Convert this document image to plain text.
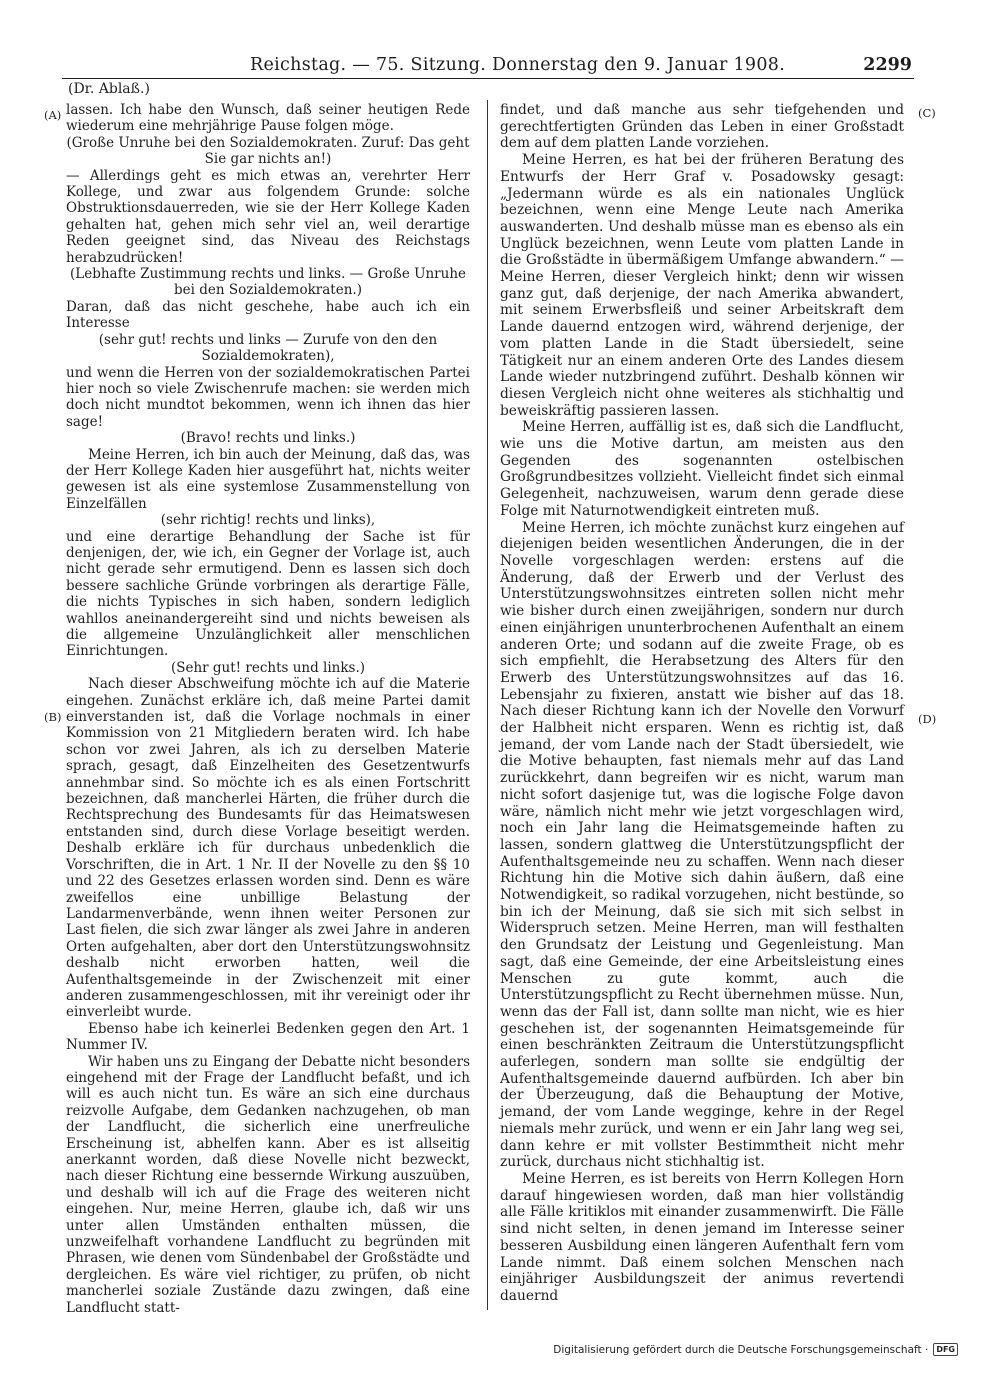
Reichstag. — 75. Sitzung. Donnerstag den 9. Januar 1908.	2299
(Dr. Ablaß.)
(A)
(B)
(C)
(D)

lassen. Ich habe den Wunsch, daß seiner heutigen Rede wiederum eine mehrjährige Pause folgen möge.

(Große Unruhe bei den Sozialdemokraten. Zuruf: Das geht Sie gar nichts an!)

— Allerdings geht es mich etwas an, verehrter Herr Kollege, und zwar aus folgendem Grunde: solche Obstruktionsdauerreden, wie sie der Herr Kollege Kaden gehalten hat, gehen mich sehr viel an, weil derartige Reden geeignet sind, das Niveau des Reichstags herabzudrücken!

(Lebhafte Zustimmung rechts und links. — Große Unruhe bei den Sozialdemokraten.)

Daran, daß das nicht geschehe, habe auch ich ein Interesse

(sehr gut! rechts und links — Zurufe von den den Sozialdemokraten),

und wenn die Herren von der sozialdemokratischen Partei hier noch so viele Zwischenrufe machen: sie werden mich doch nicht mundtot bekommen, wenn ich ihnen das hier sage!

(Bravo! rechts und links.)

Meine Herren, ich bin auch der Meinung, daß das, was der Herr Kollege Kaden hier ausgeführt hat, nichts weiter gewesen ist als eine systemlose Zusammenstellung von Einzelfällen

(sehr richtig! rechts und links),

und eine derartige Behandlung der Sache ist für denjenigen, der, wie ich, ein Gegner der Vorlage ist, auch nicht gerade sehr ermutigend. Denn es lassen sich doch bessere sachliche Gründe vorbringen als derartige Fälle, die nichts Typisches in sich haben, sondern lediglich wahllos aneinandergereiht sind und nichts beweisen als die allgemeine Unzulänglichkeit aller menschlichen Einrichtungen.

(Sehr gut! rechts und links.)

Nach dieser Abschweifung möchte ich auf die Materie eingehen. Zunächst erkläre ich, daß meine Partei damit einverstanden ist, daß die Vorlage nochmals in einer Kommission von 21 Mitgliedern beraten wird. Ich habe schon vor zwei Jahren, als ich zu derselben Materie sprach, gesagt, daß Einzelheiten des Gesetzentwurfs annehmbar sind. So möchte ich es als einen Fortschritt bezeichnen, daß mancherlei Härten, die früher durch die Rechtsprechung des Bundesamts für das Heimatswesen entstanden sind, durch diese Vorlage beseitigt werden. Deshalb erkläre ich für durchaus unbedenklich die Vorschriften, die in Art. 1 Nr. II der Novelle zu den §§ 10 und 22 des Gesetzes erlassen worden sind. Denn es wäre zweifellos eine unbillige Belastung der Landarmenverbände, wenn ihnen weiter Personen zur Last fielen, die sich zwar länger als zwei Jahre in anderen Orten aufgehalten, aber dort den Unterstützungswohnsitz deshalb nicht erworben hatten, weil die Aufenthaltsgemeinde in der Zwischenzeit mit einer anderen zusammengeschlossen, mit ihr vereinigt oder ihr einverleibt wurde.

Ebenso habe ich keinerlei Bedenken gegen den Art. 1 Nummer IV.

Wir haben uns zu Eingang der Debatte nicht besonders eingehend mit der Frage der Landflucht befaßt, und ich will es auch nicht tun. Es wäre an sich eine durchaus reizvolle Aufgabe, dem Gedanken nachzugehen, ob man der Landflucht, die sicherlich eine unerfreuliche Erscheinung ist, abhelfen kann. Aber es ist allseitig anerkannt worden, daß diese Novelle nicht bezweckt, nach dieser Richtung eine bessernde Wirkung auszuüben, und deshalb will ich auf die Frage des weiteren nicht eingehen. Nur, meine Herren, glaube ich, daß wir uns unter allen Umständen enthalten müssen, die unzweifelhaft vorhandene Landflucht zu begründen mit Phrasen, wie denen vom Sündenbabel der Großstädte und dergleichen. Es wäre viel richtiger, zu prüfen, ob nicht mancherlei soziale Zustände dazu zwingen, daß eine Landflucht statt-

findet, und daß manche aus sehr tiefgehenden und gerechtfertigten Gründen das Leben in einer Großstadt dem auf dem platten Lande vorziehen.

Meine Herren, es hat bei der früheren Beratung des Entwurfs der Herr Graf v. Posadowsky gesagt: „Jedermann würde es als ein nationales Unglück bezeichnen, wenn eine Menge Leute nach Amerika auswanderten. Und deshalb müsse man es ebenso als ein Unglück bezeichnen, wenn Leute vom platten Lande in die Großstädte in übermäßigem Umfange abwandern.“ — Meine Herren, dieser Vergleich hinkt; denn wir wissen ganz gut, daß derjenige, der nach Amerika abwandert, mit seinem Erwerbsfleiß und seiner Arbeitskraft dem Lande dauernd entzogen wird, während derjenige, der vom platten Lande in die Stadt übersiedelt, seine Tätigkeit nur an einem anderen Orte des Landes diesem Lande wieder nutzbringend zuführt. Deshalb können wir diesen Vergleich nicht ohne weiteres als stichhaltig und beweiskräftig passieren lassen.

Meine Herren, auffällig ist es, daß sich die Landflucht, wie uns die Motive dartun, am meisten aus den Gegenden des sogenannten ostelbischen Großgrundbesitzes vollzieht. Vielleicht findet sich einmal Gelegenheit, nachzuweisen, warum denn gerade diese Folge mit Naturnotwendigkeit eintreten muß.

Meine Herren, ich möchte zunächst kurz eingehen auf diejenigen beiden wesentlichen Änderungen, die in der Novelle vorgeschlagen werden: erstens auf die Änderung, daß der Erwerb und der Verlust des Unterstützungswohnsitzes eintreten sollen nicht mehr wie bisher durch einen zweijährigen, sondern nur durch einen einjährigen ununterbrochenen Aufenthalt an einem anderen Orte; und sodann auf die zweite Frage, ob es sich empfiehlt, die Herabsetzung des Alters für den Erwerb des Unterstützungswohnsitzes auf das 16. Lebensjahr zu fixieren, anstatt wie bisher auf das 18. Nach dieser Richtung kann ich der Novelle den Vorwurf der Halbheit nicht ersparen. Wenn es richtig ist, daß jemand, der vom Lande nach der Stadt übersiedelt, wie die Motive behaupten, fast niemals mehr auf das Land zurückkehrt, dann begreifen wir es nicht, warum man nicht sofort dasjenige tut, was die logische Folge davon wäre, nämlich nicht mehr wie jetzt vorgeschlagen wird, noch ein Jahr lang die Heimatsgemeinde haften zu lassen, sondern glattweg die Unterstützungspflicht der Aufenthaltsgemeinde neu zu schaffen. Wenn nach dieser Richtung hin die Motive sich dahin äußern, daß eine Notwendigkeit, so radikal vorzugehen, nicht bestünde, so bin ich der Meinung, daß sie sich mit sich selbst in Widerspruch setzen. Meine Herren, man will festhalten den Grundsatz der Leistung und Gegenleistung. Man sagt, daß eine Gemeinde, der eine Arbeitsleistung eines Menschen zu gute kommt, auch die Unterstützungspflicht zu Recht übernehmen müsse. Nun, wenn das der Fall ist, dann sollte man nicht, wie es hier geschehen ist, der sogenannten Heimatsgemeinde für einen beschränkten Zeitraum die Unterstützungspflicht auferlegen, sondern man sollte sie endgültig der Aufenthaltsgemeinde dauernd aufbürden. Ich aber bin der Überzeugung, daß die Behauptung der Motive, jemand, der vom Lande wegginge, kehre in der Regel niemals mehr zurück, und wenn er ein Jahr lang weg sei, dann kehre er mit vollster Bestimmtheit nicht mehr zurück, durchaus nicht stichhaltig ist.

Meine Herren, es ist bereits von Herrn Kollegen Horn darauf hingewiesen worden, daß man hier vollständig alle Fälle kritiklos mit einander zusammenwirft. Die Fälle sind nicht selten, in denen jemand im Interesse seiner besseren Ausbildung einen längeren Aufenthalt fern vom Lande nimmt. Daß einem solchen Menschen nach einjähriger Ausbildungszeit der animus revertendi dauernd

Digitalisierung gefördert durch die Deutsche Forschungsgemeinschaft ·	DFG
